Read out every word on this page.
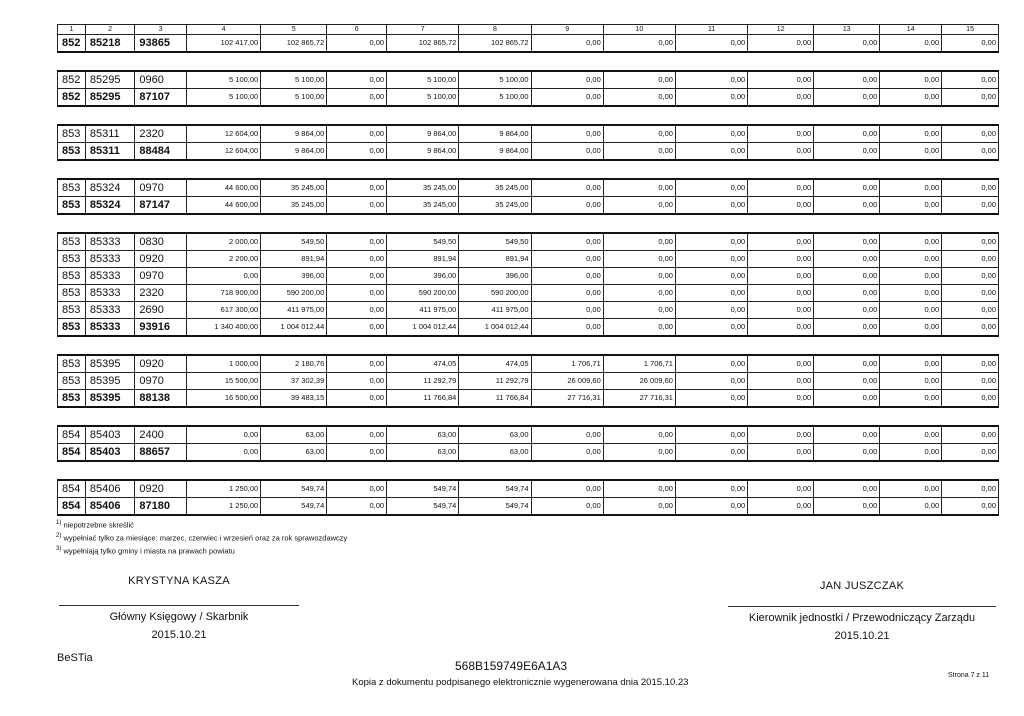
1	2	3	4	5	6	7	8	9	10	11	12	13	14	15

852	85218	93865	102 417,00	102 865,72	0,00	102 865,72	102 865,72	0,00	0,00	0,00	0,00	0,00	0,00	0,00

852	85295	0960	5 100,00	5 100,00	0,00	5 100,00	5 100,00	0,00	0,00	0,00	0,00	0,00	0,00	0,00
852	85295	87107	5 100,00	5 100,00	0,00	5 100,00	5 100,00	0,00	0,00	0,00	0,00	0,00	0,00	0,00

853	85311	2320	12 604,00	9 864,00	0,00	9 864,00	9 864,00	0,00	0,00	0,00	0,00	0,00	0,00	0,00
853	85311	88484	12 604,00	9 864,00	0,00	9 864,00	9 864,00	0,00	0,00	0,00	0,00	0,00	0,00	0,00

853	85324	0970	44 600,00	35 245,00	0,00	35 245,00	35 245,00	0,00	0,00	0,00	0,00	0,00	0,00	0,00
853	85324	87147	44 600,00	35 245,00	0,00	35 245,00	35 245,00	0,00	0,00	0,00	0,00	0,00	0,00	0,00

853	85333	0830	2 000,00	549,50	0,00	549,50	549,50	0,00	0,00	0,00	0,00	0,00	0,00	0,00
853	85333	0920	2 200,00	891,94	0,00	891,94	891,94	0,00	0,00	0,00	0,00	0,00	0,00	0,00
853	85333	0970	0,00	396,00	0,00	396,00	396,00	0,00	0,00	0,00	0,00	0,00	0,00	0,00
853	85333	2320	718 900,00	590 200,00	0,00	590 200,00	590 200,00	0,00	0,00	0,00	0,00	0,00	0,00	0,00
853	85333	2690	617 300,00	411 975,00	0,00	411 975,00	411 975,00	0,00	0,00	0,00	0,00	0,00	0,00	0,00
853	85333	93916	1 340 400,00	1 004 012,44	0,00	1 004 012,44	1 004 012,44	0,00	0,00	0,00	0,00	0,00	0,00	0,00

853	85395	0920	1 000,00	2 180,76	0,00	474,05	474,05	1 706,71	1 706,71	0,00	0,00	0,00	0,00	0,00
853	85395	0970	15 500,00	37 302,39	0,00	11 292,79	11 292,79	26 009,60	26 009,60	0,00	0,00	0,00	0,00	0,00
853	85395	88138	16 500,00	39 483,15	0,00	11 766,84	11 766,84	27 716,31	27 716,31	0,00	0,00	0,00	0,00	0,00

854	85403	2400	0,00	63,00	0,00	63,00	63,00	0,00	0,00	0,00	0,00	0,00	0,00	0,00
854	85403	88657	0,00	63,00	0,00	63,00	63,00	0,00	0,00	0,00	0,00	0,00	0,00	0,00

854	85406	0920	1 250,00	549,74	0,00	549,74	549,74	0,00	0,00	0,00	0,00	0,00	0,00	0,00
854	85406	87180	1 250,00	549,74	0,00	549,74	549,74	0,00	0,00	0,00	0,00	0,00	0,00	0,00
$^{1)}$ niepotrzebne skreślić
$^{2)}$ wypełniać tylko za miesiące: marzec, czerwiec i wrzesień oraz za rok sprawozdawczy
$^{3)}$ wypełniają tylko gminy i miasta na prawach powiatu
KRYSTYNA KASZA
Główny Księgowy / Skarbnik
2015.10.21
JAN JUSZCZAK
Kierownik jednostki / Przewodniczący Zarządu
2015.10.21
BeSTia
568B159749E6A1A3
Kopia z dokumentu podpisanego elektronicznie wygenerowana dnia 2015.10.23
Strona 7 z 11
